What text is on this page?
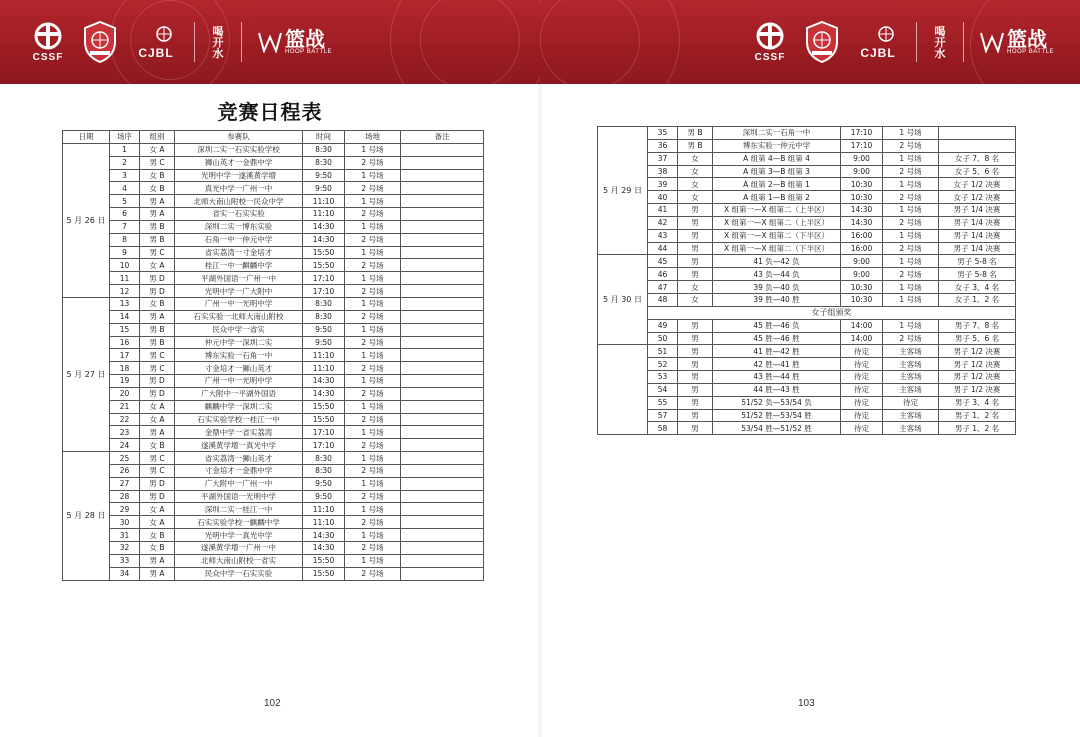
CSSF	CJBL
喝
开
水
篮战
HOOP BATTLE	CSSF	CJBL
喝
开
水
篮战
HOOP BATTLE
竞赛日程表
日期	场序	组别	参赛队	时间	场地	备注
5 月 26 日	1	女 A	深圳二实一石实实验学校	8:30	1 号场	
	2	男 C	狮山英才一金鼎中学	8:30	2 号场	
	3	女 B	光明中学一遂溪黄学增	9:50	1 号场	
	4	女 B	真光中学一广州一中	9:50	2 号场	
	5	男 A	北师大南山附校一民众中学	11:10	1 号场	
	6	男 A	省实一石实实验	11:10	2 号场	
	7	男 B	深圳二实一博东实验	14:30	1 号场	
	8	男 B	石角一中一仲元中学	14:30	2 号场	
	9	男 C	省实荔湾一寸金培才	15:50	1 号场	
	10	女 A	桂江一中一麒麟中学	15:50	2 号场	
	11	男 D	平湖外国语一广州一中	17:10	1 号场	
	12	男 D	光明中学一广大附中	17:10	2 号场	
5 月 27 日	13	女 B	广州一中一光明中学	8:30	1 号场	
	14	男 A	石实实验一北师大南山附校	8:30	2 号场	
	15	男 B	民众中学一省实	9:50	1 号场	
	16	男 B	仲元中学一深圳二实	9:50	2 号场	
	17	男 C	博东实验一石角一中	11:10	1 号场	
	18	男 C	寸金培才一狮山英才	11:10	2 号场	
	19	男 D	广州一中一光明中学	14:30	1 号场	
	20	男 D	广大附中一平湖外国语	14:30	2 号场	
	21	女 A	麒麟中学一深圳二实	15:50	1 号场	
	22	女 A	石实实验学校一桂江一中	15:50	2 号场	
	23	男 A	金鼎中学一省实荔湾	17:10	1 号场	
	24	女 B	遂溪黄学增一真光中学	17:10	2 号场	
5 月 28 日	25	男 C	省实荔湾一狮山英才	8:30	1 号场	
	26	男 C	寸金培才一金鼎中学	8:30	2 号场	
	27	男 D	广大附中一广州一中	9:50	1 号场	
	28	男 D	平湖外国语一光明中学	9:50	2 号场	
	29	女 A	深圳二实一桂江一中	11:10	1 号场	
	30	女 A	石实实验学校一麒麟中学	11:10	2 号场	
	31	女 B	光明中学一真光中学	14:30	1 号场	
	32	女 B	遂溪黄学增一广州一中	14:30	2 号场	
	33	男 A	北师大南山附校一省实	15:50	1 号场	
	34	男 A	民众中学一石实实验	15:50	2 号场	
5 月 29 日	35	男 B	深圳二实一石角一中	17:10	1 号场	
	36	男 B	博东实验一仲元中学	17:10	2 号场	
	37	女	A 组第 4—B 组第 4	9:00	1 号场	女子 7、8 名
	38	女	A 组第 3—B 组第 3	9:00	2 号场	女子 5、6 名
	39	女	A 组第 2—B 组第 1	10:30	1 号场	女子 1/2 决赛
	40	女	A 组第 1—B 组第 2	10:30	2 号场	女子 1/2 决赛
	41	男	X 组第一—X 组第二（上半区）	14:30	1 号场	男子 1/4 决赛
	42	男	X 组第一—X 组第二（上半区）	14:30	2 号场	男子 1/4 决赛
	43	男	X 组第一—X 组第二（下半区）	16:00	1 号场	男子 1/4 决赛
	44	男	X 组第一—X 组第二（下半区）	16:00	2 号场	男子 1/4 决赛
5 月 30 日	45	男	41 负—42 负	9:00	1 号场	男子 5-8 名
	46	男	43 负—44 负	9:00	2 号场	男子 5-8 名
	47	女	39 负—40 负	10:30	1 号场	女子 3、4 名
	48	女	39 胜—40 胜	10:30	1 号场	女子 1、2 名
	女子组颁奖					
	49	男	45 胜—46 负	14:00	1 号场	男子 7、8 名
	50	男	45 胜—46 胜	14:00	2 号场	男子 5、6 名
	51	男	41 胜—42 胜	待定	主客场	男子 1/2 决赛
	52	男	42 胜—41 胜	待定	主客场	男子 1/2 决赛
	53	男	43 胜—44 胜	待定	主客场	男子 1/2 决赛
	54	男	44 胜—43 胜	待定	主客场	男子 1/2 决赛
	55	男	51/52 负—53/54 负	待定	待定	男子 3、4 名
	57	男	51/52 胜—53/54 胜	待定	主客场	男子 1、2 名
	58	男	53/54 胜—51/52 胜	待定	主客场	男子 1、2 名
102	103
